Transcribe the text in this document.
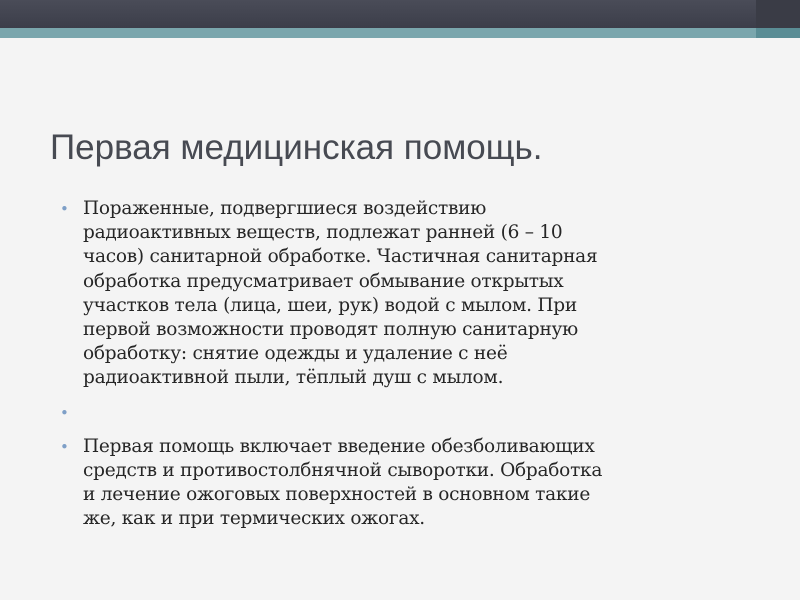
Первая медицинская помощь.
• Пораженные, подвергшиеся воздействию
радиоактивных веществ, подлежат ранней (6 – 10
часов) санитарной обработке. Частичная санитарная
обработка предусматривает обмывание открытых
участков тела (лица, шеи, рук) водой с мылом. При
первой возможности проводят полную санитарную
обработку: снятие одежды и удаление с неё
радиоактивной пыли, тёплый душ с мылом.
•
• Первая помощь включает введение обезболивающих
средств и противостолбнячной сыворотки. Обработка
и лечение ожоговых поверхностей в основном такие
же, как и при термических ожогах.
